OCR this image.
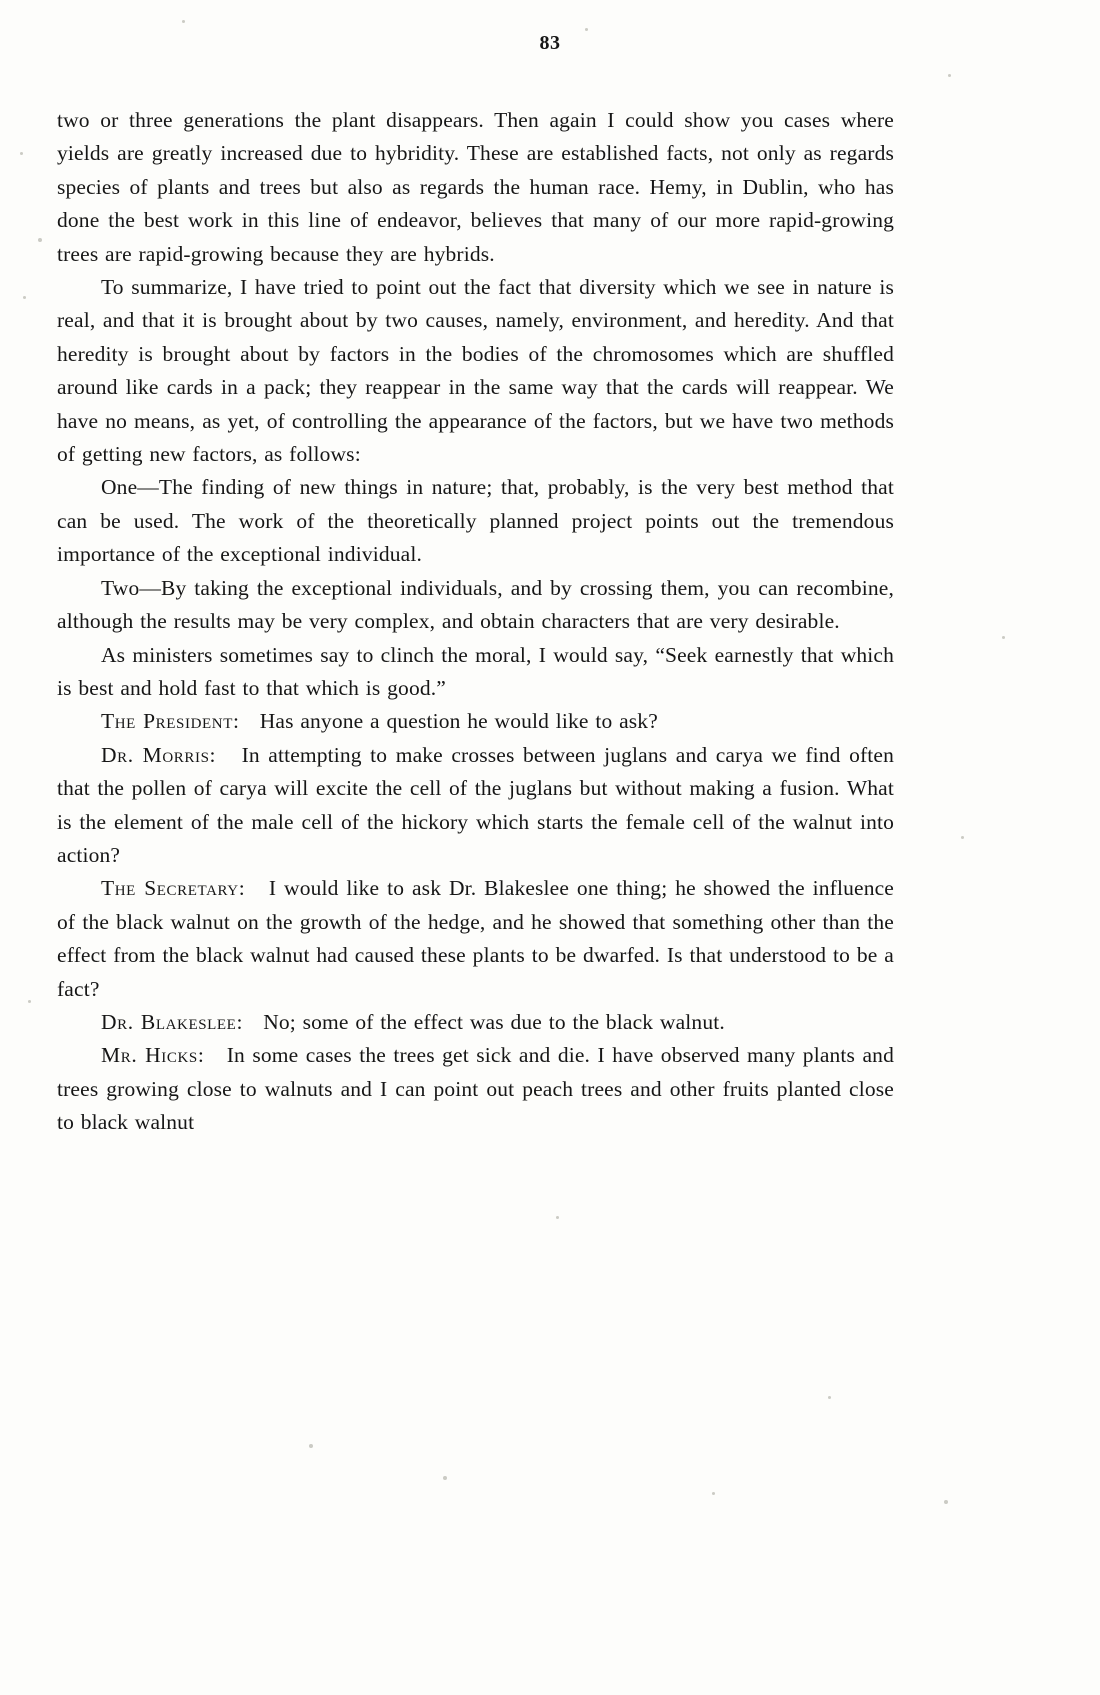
83

two or three generations the plant disappears. Then again I could show you cases where yields are greatly increased due to hybridity. These are established facts, not only as regards species of plants and trees but also as regards the human race. Hemy, in Dublin, who has done the best work in this line of endeavor, believes that many of our more rapid-growing trees are rapid-growing because they are hybrids.

To summarize, I have tried to point out the fact that diversity which we see in nature is real, and that it is brought about by two causes, namely, environment, and heredity. And that heredity is brought about by factors in the bodies of the chromosomes which are shuffled around like cards in a pack; they reappear in the same way that the cards will reappear. We have no means, as yet, of controlling the appearance of the factors, but we have two methods of getting new factors, as follows:

One—The finding of new things in nature; that, probably, is the very best method that can be used. The work of the theoretically planned project points out the tremendous importance of the exceptional individual.

Two—By taking the exceptional individuals, and by crossing them, you can recombine, although the results may be very complex, and obtain characters that are very desirable.

As ministers sometimes say to clinch the moral, I would say, “Seek earnestly that which is best and hold fast to that which is good.”

The President: Has anyone a question he would like to ask?

Dr. Morris: In attempting to make crosses between juglans and carya we find often that the pollen of carya will excite the cell of the juglans but without making a fusion. What is the element of the male cell of the hickory which starts the female cell of the walnut into action?

The Secretary: I would like to ask Dr. Blakeslee one thing; he showed the influence of the black walnut on the growth of the hedge, and he showed that something other than the effect from the black walnut had caused these plants to be dwarfed. Is that understood to be a fact?

Dr. Blakeslee: No; some of the effect was due to the black walnut.

Mr. Hicks: In some cases the trees get sick and die. I have observed many plants and trees growing close to walnuts and I can point out peach trees and other fruits planted close to black walnut
